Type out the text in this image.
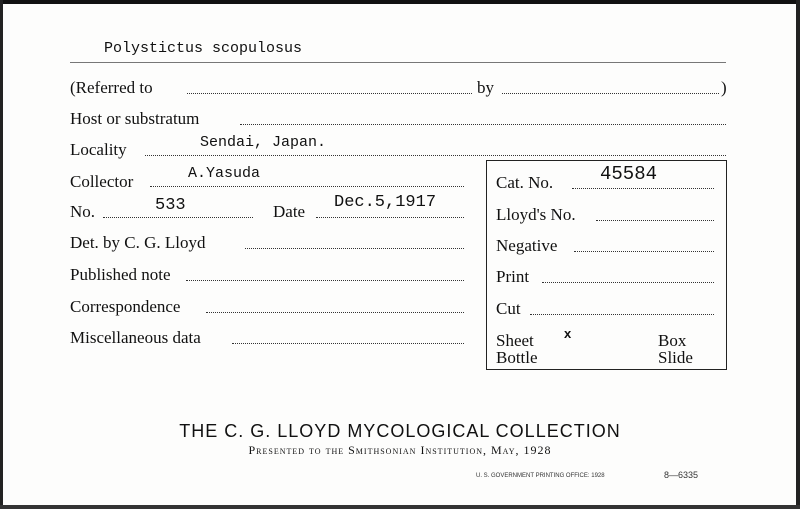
Polystictus scopulosus
(Referred to	by	)
Host or substratum
Locality	Sendai, Japan.
Collector	A.Yasuda
No.	533	Date Dec.5,1917
Det. by C. G. Lloyd
Published note
Correspondence
Miscellaneous data
Cat. No. 45584
Lloyd's No.
Negative
Print
Cut
Sheet x	Box
Bottle	Slide
THE C. G. LLOYD MYCOLOGICAL COLLECTION
Presented to the Smithsonian Institution, May, 1928
U. S. GOVERNMENT PRINTING OFFICE: 1928	8—6335
